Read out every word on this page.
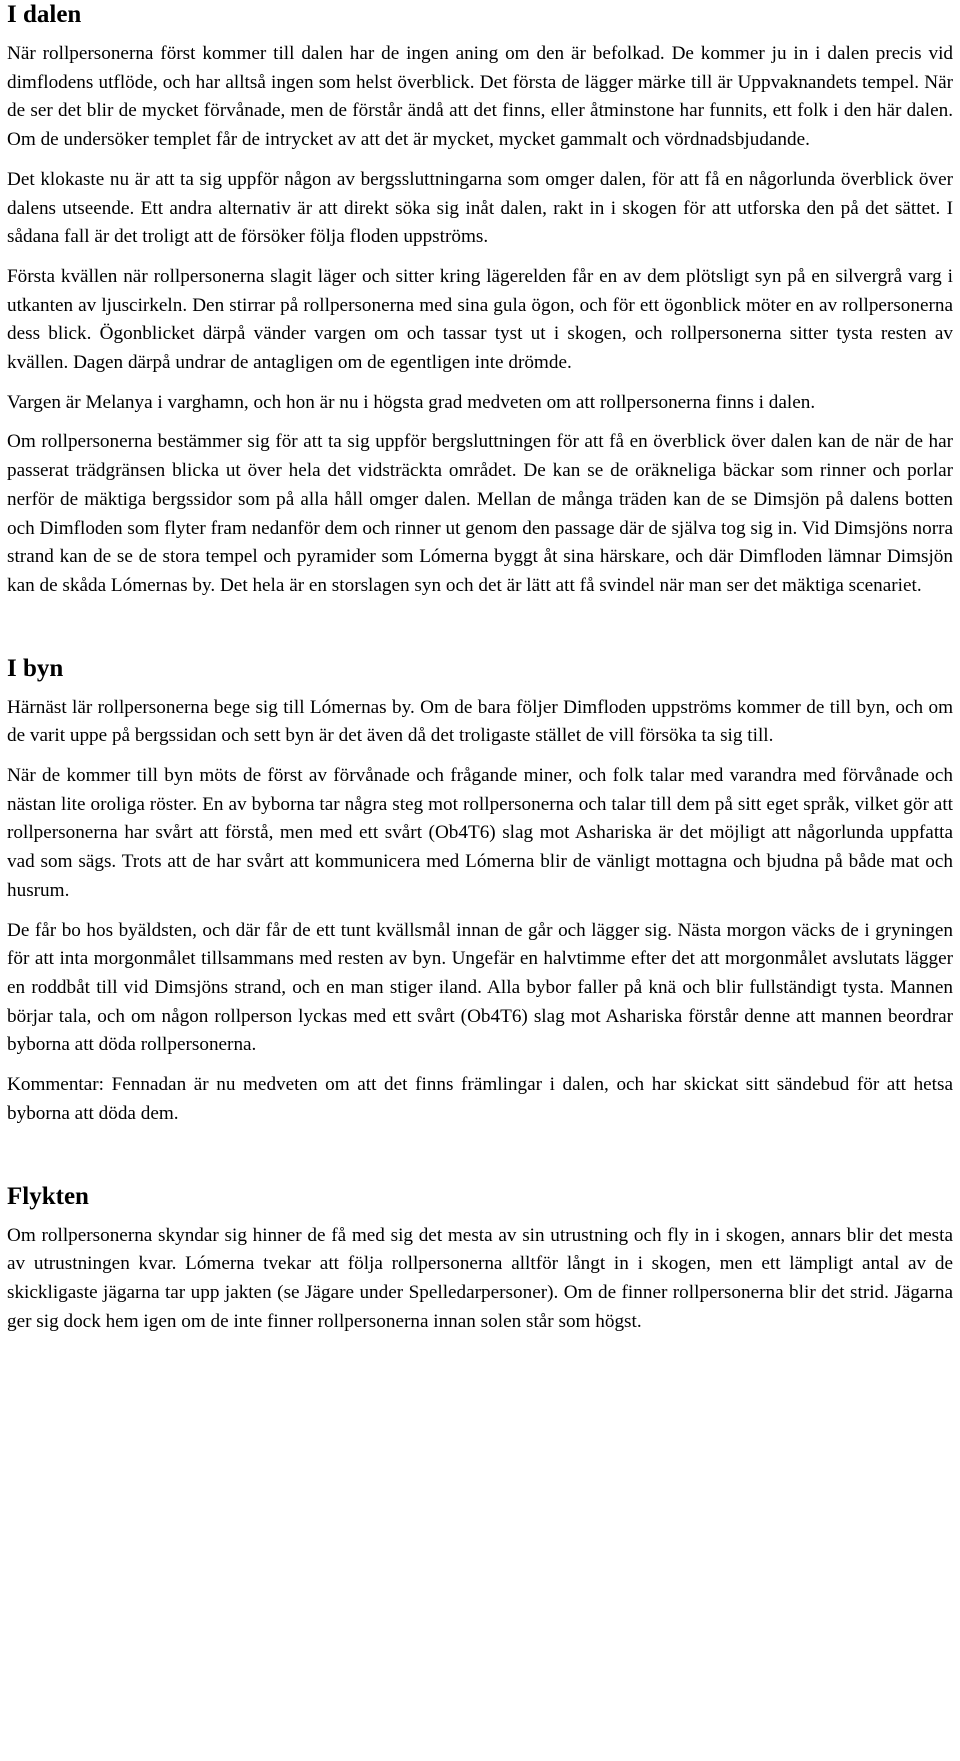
I dalen

När rollpersonerna först kommer till dalen har de ingen aning om den är befolkad. De kommer ju in i dalen precis vid dimflodens utflöde, och har alltså ingen som helst överblick. Det första de lägger märke till är Uppvaknandets tempel. När de ser det blir de mycket förvånade, men de förstår ändå att det finns, eller åtminstone har funnits, ett folk i den här dalen. Om de undersöker templet får de intrycket av att det är mycket, mycket gammalt och vördnadsbjudande.

Det klokaste nu är att ta sig uppför någon av bergssluttningarna som omger dalen, för att få en någorlunda överblick över dalens utseende. Ett andra alternativ är att direkt söka sig inåt dalen, rakt in i skogen för att utforska den på det sättet. I sådana fall är det troligt att de försöker följa floden uppströms.

Första kvällen när rollpersonerna slagit läger och sitter kring lägerelden får en av dem plötsligt syn på en silvergrå varg i utkanten av ljuscirkeln. Den stirrar på rollpersonerna med sina gula ögon, och för ett ögonblick möter en av rollpersonerna dess blick. Ögonblicket därpå vänder vargen om och tassar tyst ut i skogen, och rollpersonerna sitter tysta resten av kvällen. Dagen därpå undrar de antagligen om de egentligen inte drömde.

Vargen är Melanya i varghamn, och hon är nu i högsta grad medveten om att rollpersonerna finns i dalen.

Om rollpersonerna bestämmer sig för att ta sig uppför bergsluttningen för att få en överblick över dalen kan de när de har passerat trädgränsen blicka ut över hela det vidsträckta området. De kan se de oräkneliga bäckar som rinner och porlar nerför de mäktiga bergssidor som på alla håll omger dalen. Mellan de många träden kan de se Dimsjön på dalens botten och Dimfloden som flyter fram nedanför dem och rinner ut genom den passage där de själva tog sig in. Vid Dimsjöns norra strand kan de se de stora tempel och pyramider som Lómerna byggt åt sina härskare, och där Dimfloden lämnar Dimsjön kan de skåda Lómernas by. Det hela är en storslagen syn och det är lätt att få svindel när man ser det mäktiga scenariet.

I byn

Härnäst lär rollpersonerna bege sig till Lómernas by. Om de bara följer Dimfloden uppströms kommer de till byn, och om de varit uppe på bergssidan och sett byn är det även då det troligaste stället de vill försöka ta sig till.

När de kommer till byn möts de först av förvånade och frågande miner, och folk talar med varandra med förvånade och nästan lite oroliga röster. En av byborna tar några steg mot rollpersonerna och talar till dem på sitt eget språk, vilket gör att rollpersonerna har svårt att förstå, men med ett svårt (Ob4T6) slag mot Ashariska är det möjligt att någorlunda uppfatta vad som sägs. Trots att de har svårt att kommunicera med Lómerna blir de vänligt mottagna och bjudna på både mat och husrum.

De får bo hos byäldsten, och där får de ett tunt kvällsmål innan de går och lägger sig. Nästa morgon väcks de i gryningen för att inta morgonmålet tillsammans med resten av byn. Ungefär en halvtimme efter det att morgonmålet avslutats lägger en roddbåt till vid Dimsjöns strand, och en man stiger iland. Alla bybor faller på knä och blir fullständigt tysta. Mannen börjar tala, och om någon rollperson lyckas med ett svårt (Ob4T6) slag mot Ashariska förstår denne att mannen beordrar byborna att döda rollpersonerna.

Kommentar: Fennadan är nu medveten om att det finns främlingar i dalen, och har skickat sitt sändebud för att hetsa byborna att döda dem.

Flykten

Om rollpersonerna skyndar sig hinner de få med sig det mesta av sin utrustning och fly in i skogen, annars blir det mesta av utrustningen kvar. Lómerna tvekar att följa rollpersonerna alltför långt in i skogen, men ett lämpligt antal av de skickligaste jägarna tar upp jakten (se Jägare under Spelledarpersoner). Om de finner rollpersonerna blir det strid. Jägarna ger sig dock hem igen om de inte finner rollpersonerna innan solen står som högst.
